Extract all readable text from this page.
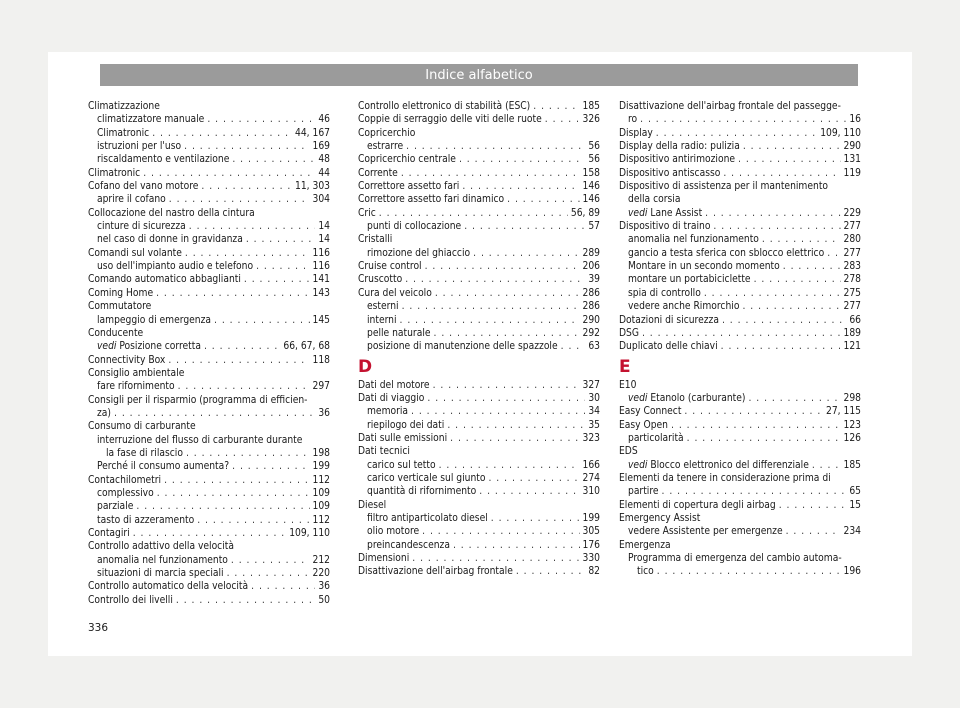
Indice alfabetico
Climatizzazione
climatizzatore manuale . . .	46
Climatronic . . .	44, 167
istruzioni per l'uso . . .	169
riscaldamento e ventilazione . . .	48
Climatronic . . .	44
Cofano del vano motore . . .	11, 303
aprire il cofano . . .	304
Collocazione del nastro della cintura
cinture di sicurezza . . .	14
nel caso di donne in gravidanza . . .	14
Comandi sul volante . . .	116
uso dell'impianto audio e telefono . . .	116
Comando automatico abbaglianti . . .	141
Coming Home . . .	143
Commutatore
lampeggio di emergenza . . .	145
Conducente
vedi Posizione corretta . . .	66, 67, 68
Connectivity Box . . .	118
Consiglio ambientale
fare rifornimento . . .	297
Consigli per il risparmio (programma di efficien-
za) . . .	36
Consumo di carburante
interruzione del flusso di carburante durante
la fase di rilascio . . .	198
Perché il consumo aumenta? . . .	199
Contachilometri . . .	112
complessivo . . .	109
parziale . . .	109
tasto di azzeramento . . .	112
Contagiri . . .	109, 110
Controllo adattivo della velocità
anomalia nel funzionamento . . .	212
situazioni di marcia speciali . . .	220
Controllo automatico della velocità . . .	36
Controllo dei livelli . . .	50
Controllo elettronico di stabilità (ESC) . . .	185
Coppie di serraggio delle viti delle ruote . . .	326
Copricerchio
estrarre . . .	56
Copricerchio centrale . . .	56
Corrente . . .	158
Correttore assetto fari . . .	146
Correttore assetto fari dinamico . . .	146
Cric . . .	56, 89
punti di collocazione . . .	57
Cristalli
rimozione del ghiaccio . . .	289
Cruise control . . .	206
Cruscotto . . .	39
Cura del veicolo . . .	286
esterni . . .	286
interni . . .	290
pelle naturale . . .	292
posizione di manutenzione delle spazzole . . .	63
D
Dati del motore . . .	327
Dati di viaggio . . .	30
memoria . . .	34
riepilogo dei dati . . .	35
Dati sulle emissioni . . .	323
Dati tecnici
carico sul tetto . . .	166
carico verticale sul giunto . . .	274
quantità di rifornimento . . .	310
Diesel
filtro antiparticolato diesel . . .	199
olio motore . . .	305
preincandescenza . . .	176
Dimensioni . . .	330
Disattivazione dell'airbag frontale . . .	82
Disattivazione dell'airbag frontale del passegge-
ro . . .	16
Display . . .	109, 110
Display della radio: pulizia . . .	290
Dispositivo antirimozione . . .	131
Dispositivo antiscasso . . .	119
Dispositivo di assistenza per il mantenimento
della corsia
vedi Lane Assist . . .	229
Dispositivo di traino . . .	277
anomalia nel funzionamento . . .	280
gancio a testa sferica con sblocco elettrico . . . 277
Montare in un secondo momento . . .	283
montare un portabiciclette . . .	278
spia di controllo . . .	275
vedere anche Rimorchio . . .	277
Dotazioni di sicurezza . . .	66
DSG . . .	189
Duplicato delle chiavi . . .	121
E
E10
vedi Etanolo (carburante) . . .	298
Easy Connect . . .	27, 115
Easy Open . . .	123
particolarità . . .	126
EDS
vedi Blocco elettronico del differenziale . . .	185
Elementi da tenere in considerazione prima di
partire . . .	65
Elementi di copertura degli airbag . . .	15
Emergency Assist
vedere Assistente per emergenze . . .	234
Emergenza
Programma di emergenza del cambio automa-
tico . . .	196
336
